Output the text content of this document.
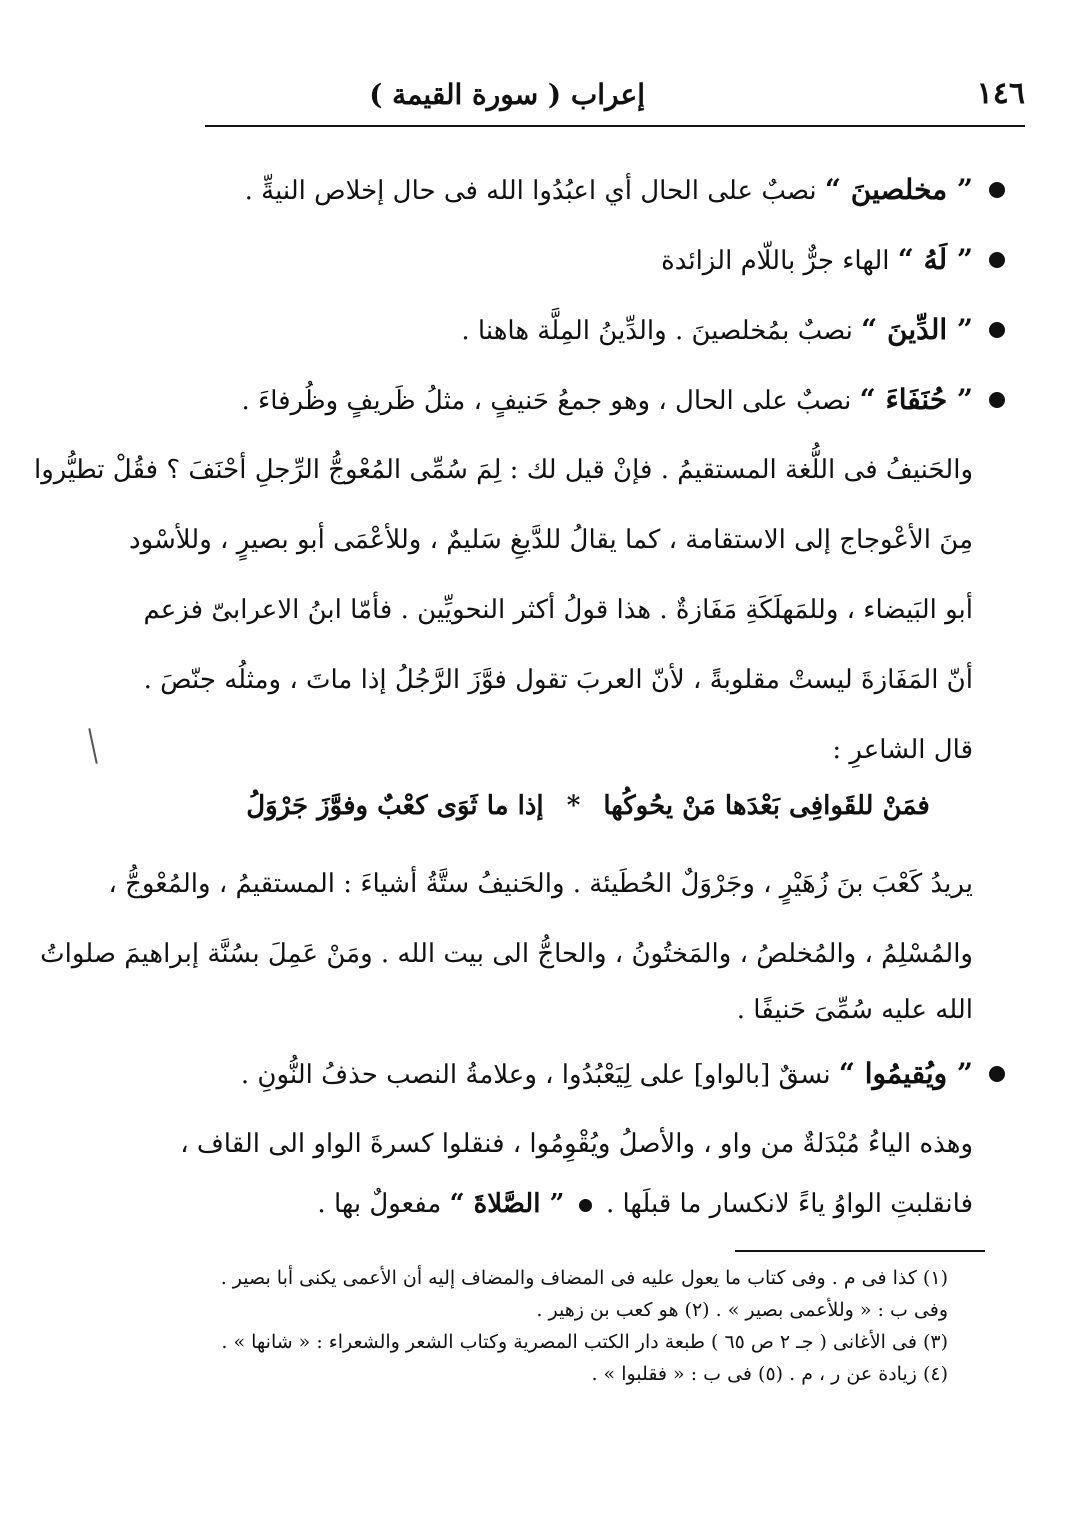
١٤٦
إعراب ( سورة القيمة )
” مخلصينَ “ نصبٌ على الحال أي اعبُدُوا الله فى حال إخلاص النيةِّ .
” لَهُ “ الهاء جرٌّ باللّام الزائدة
” الدِّينَ “ نصبٌ بمُخلصينَ . والدِّينُ المِلَّة هاهنا .
” حُنَفَاءَ “ نصبٌ على الحال ، وهو جمعُ حَنيفٍ ، مثلُ ظَريفٍ وظُرفاءَ .
والحَنيفُ فى اللُّغة المستقيمُ . فإنْ قيل لك : لِمَ سُمِّى المُعْوجُّ الرِّجلِ أحْنَفَ ؟ فقُلْ تطيُّروا
مِنَ الأعْوجاج إلى الاستقامة ، كما يقالُ للدَّيغِ سَليمٌ ، وللأعْمَى أبو بصيرٍ ، وللأسْود
أبو البَيضاء ، وللمَهلَكَةِ مَفَازةٌ . هذا قولُ أكثر النحويِّين . فأمّا ابنُ الاعرابىّ فزعم
أنّ المَفَازةَ ليستْ مقلوبةً ، لأنّ العربَ تقول فوَّزَ الرَّجُلُ إذا ماتَ ، ومثلُه جنّصَ .
قال الشاعرِ :
فمَنْ للقَوافِى بَعْدَها مَنْ يحُوكُها * إذا ما ثَوَى كعْبٌ وفوَّزَ جَرْوَلُ
يريدُ كَعْبَ بنَ زُهَيْرٍ ، وجَرْوَلٌ الحُطَيئة . والحَنيفُ ستَّةُ أشياءَ : المستقيمُ ، والمُعْوجُّ ،
والمُسْلِمُ ، والمُخلصُ ، والمَختُونُ ، والحاجُّ الى بيت الله . ومَنْ عَمِلَ بسُنَّة إبراهيمَ صلواتُ
الله عليه سُمِّىَ حَنيفًا .
” ويُقيمُوا “ نسقٌ [بالواو] على لِيَعْبُدُوا ، وعلامةُ النصب حذفُ النُّونِ .
وهذه الياءُ مُبْدَلةٌ من واو ، والأصلُ ويُقْوِمُوا ، فنقلوا كسرةَ الواو الى القاف ،
فانقلبتِ الواوُ ياءً لانكسار ما قبلَها .  ” الصَّلاةَ “ مفعولٌ بها .
(١) كذا فى م . وفى كتاب ما يعول عليه فى المضاف والمضاف إليه أن الأعمى يكنى أبا بصير .
وفى ب : « وللأعمى بصير » . (٢) هو كعب بن زهير .
(٣) فى الأغانى ( جـ ٢ ص ٦٥ ) طبعة دار الكتب المصرية وكتاب الشعر والشعراء : « شانها » .
(٤) زيادة عن ر ، م . (٥) فى ب : « فقلبوا » .
